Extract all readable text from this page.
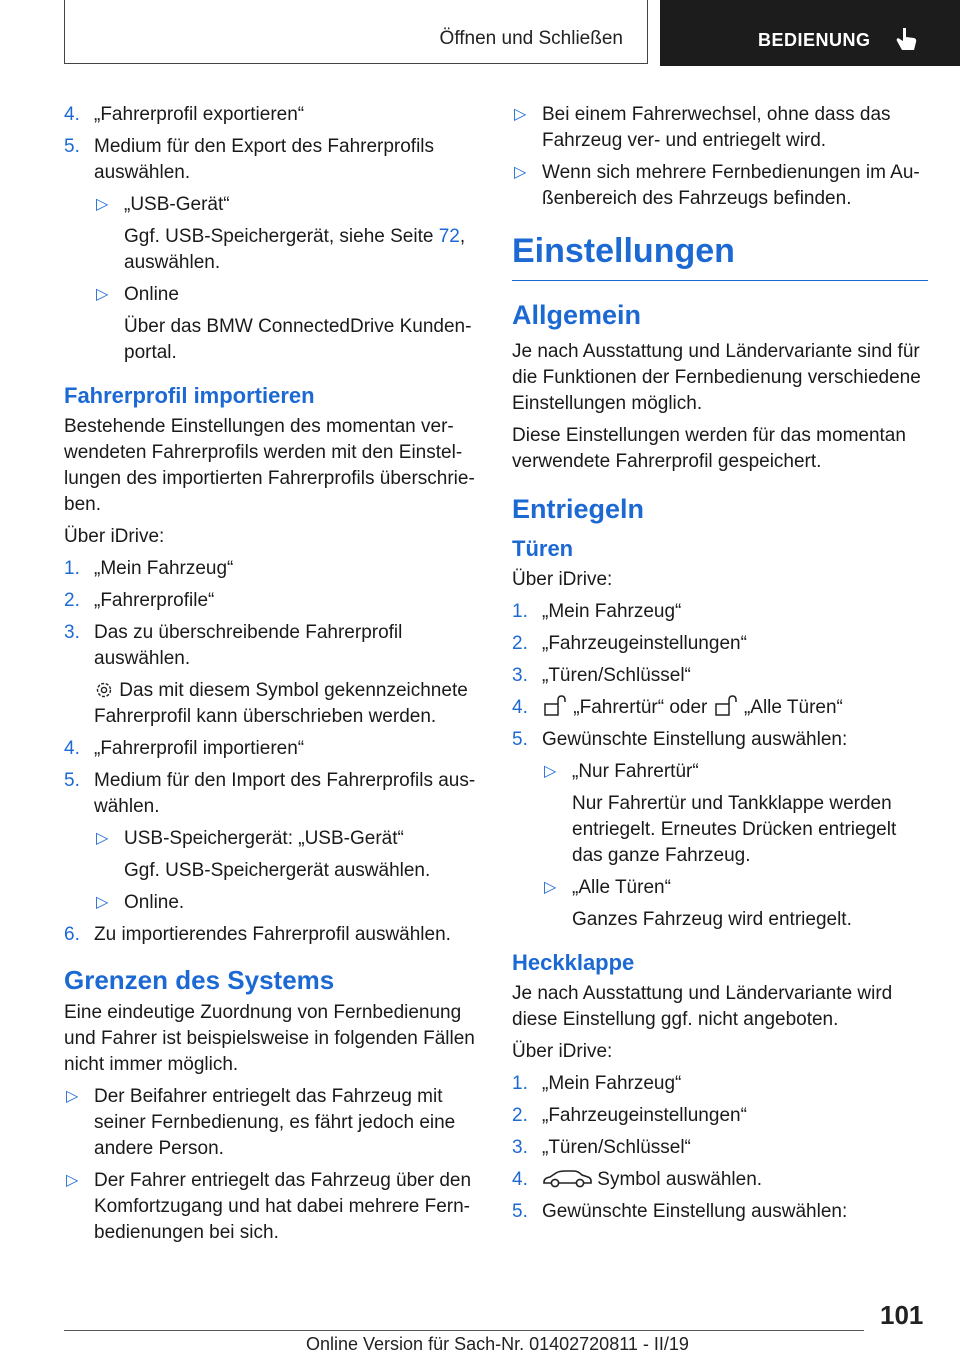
Öffnen und Schließen	BEDIENUNG
4. „Fahrerprofil exportieren“
5. Medium für den Export des Fahrerprofils auswählen.
▷ „USB-Gerät“
Ggf. USB-Speichergerät, siehe Seite 72, auswählen.
▷ Online
Über das BMW ConnectedDrive Kundenportal.
Fahrerprofil importieren

Bestehende Einstellungen des momentan verwendeten Fahrerprofils werden mit den Einstellungen des importierten Fahrerprofils überschrieben.

Über iDrive:

1. „Mein Fahrzeug“
2. „Fahrerprofile“
3. Das zu überschreibende Fahrerprofil auswählen.
Das mit diesem Symbol gekennzeichnete Fahrerprofil kann überschrieben werden.
4. „Fahrerprofil importieren“
5. Medium für den Import des Fahrerprofils auswählen.
▷ USB-Speichergerät: „USB-Gerät“
Ggf. USB-Speichergerät auswählen.
▷ Online.
6. Zu importierendes Fahrerprofil auswählen.
Grenzen des Systems

Eine eindeutige Zuordnung von Fernbedienung und Fahrer ist beispielsweise in folgenden Fällen nicht immer möglich.

▷ Der Beifahrer entriegelt das Fahrzeug mit seiner Fernbedienung, es fährt jedoch eine andere Person.
▷ Der Fahrer entriegelt das Fahrzeug über den Komfortzugang und hat dabei mehrere Fernbedienungen bei sich.
▷ Bei einem Fahrerwechsel, ohne dass das Fahrzeug ver- und entriegelt wird.
▷ Wenn sich mehrere Fernbedienungen im Außenbereich des Fahrzeugs befinden.
Einstellungen
Allgemein

Je nach Ausstattung und Ländervariante sind für die Funktionen der Fernbedienung verschiedene Einstellungen möglich.

Diese Einstellungen werden für das momentan verwendete Fahrerprofil gespeichert.

Entriegeln
Türen

Über iDrive:

1. „Mein Fahrzeug“
2. „Fahrzeugeinstellungen“
3. „Türen/Schlüssel“
4. „Fahrertür“ oder „Alle Türen“
5. Gewünschte Einstellung auswählen:
▷ „Nur Fahrertür“
Nur Fahrertür und Tankklappe werden entriegelt. Erneutes Drücken entriegelt das ganze Fahrzeug.
▷ „Alle Türen“
Ganzes Fahrzeug wird entriegelt.
Heckklappe

Je nach Ausstattung und Ländervariante wird diese Einstellung ggf. nicht angeboten.

Über iDrive:

1. „Mein Fahrzeug“
2. „Fahrzeugeinstellungen“
3. „Türen/Schlüssel“
4.	Symbol auswählen.
5. Gewünschte Einstellung auswählen:
101
Online Version für Sach-Nr. 01402720811 - II/19
